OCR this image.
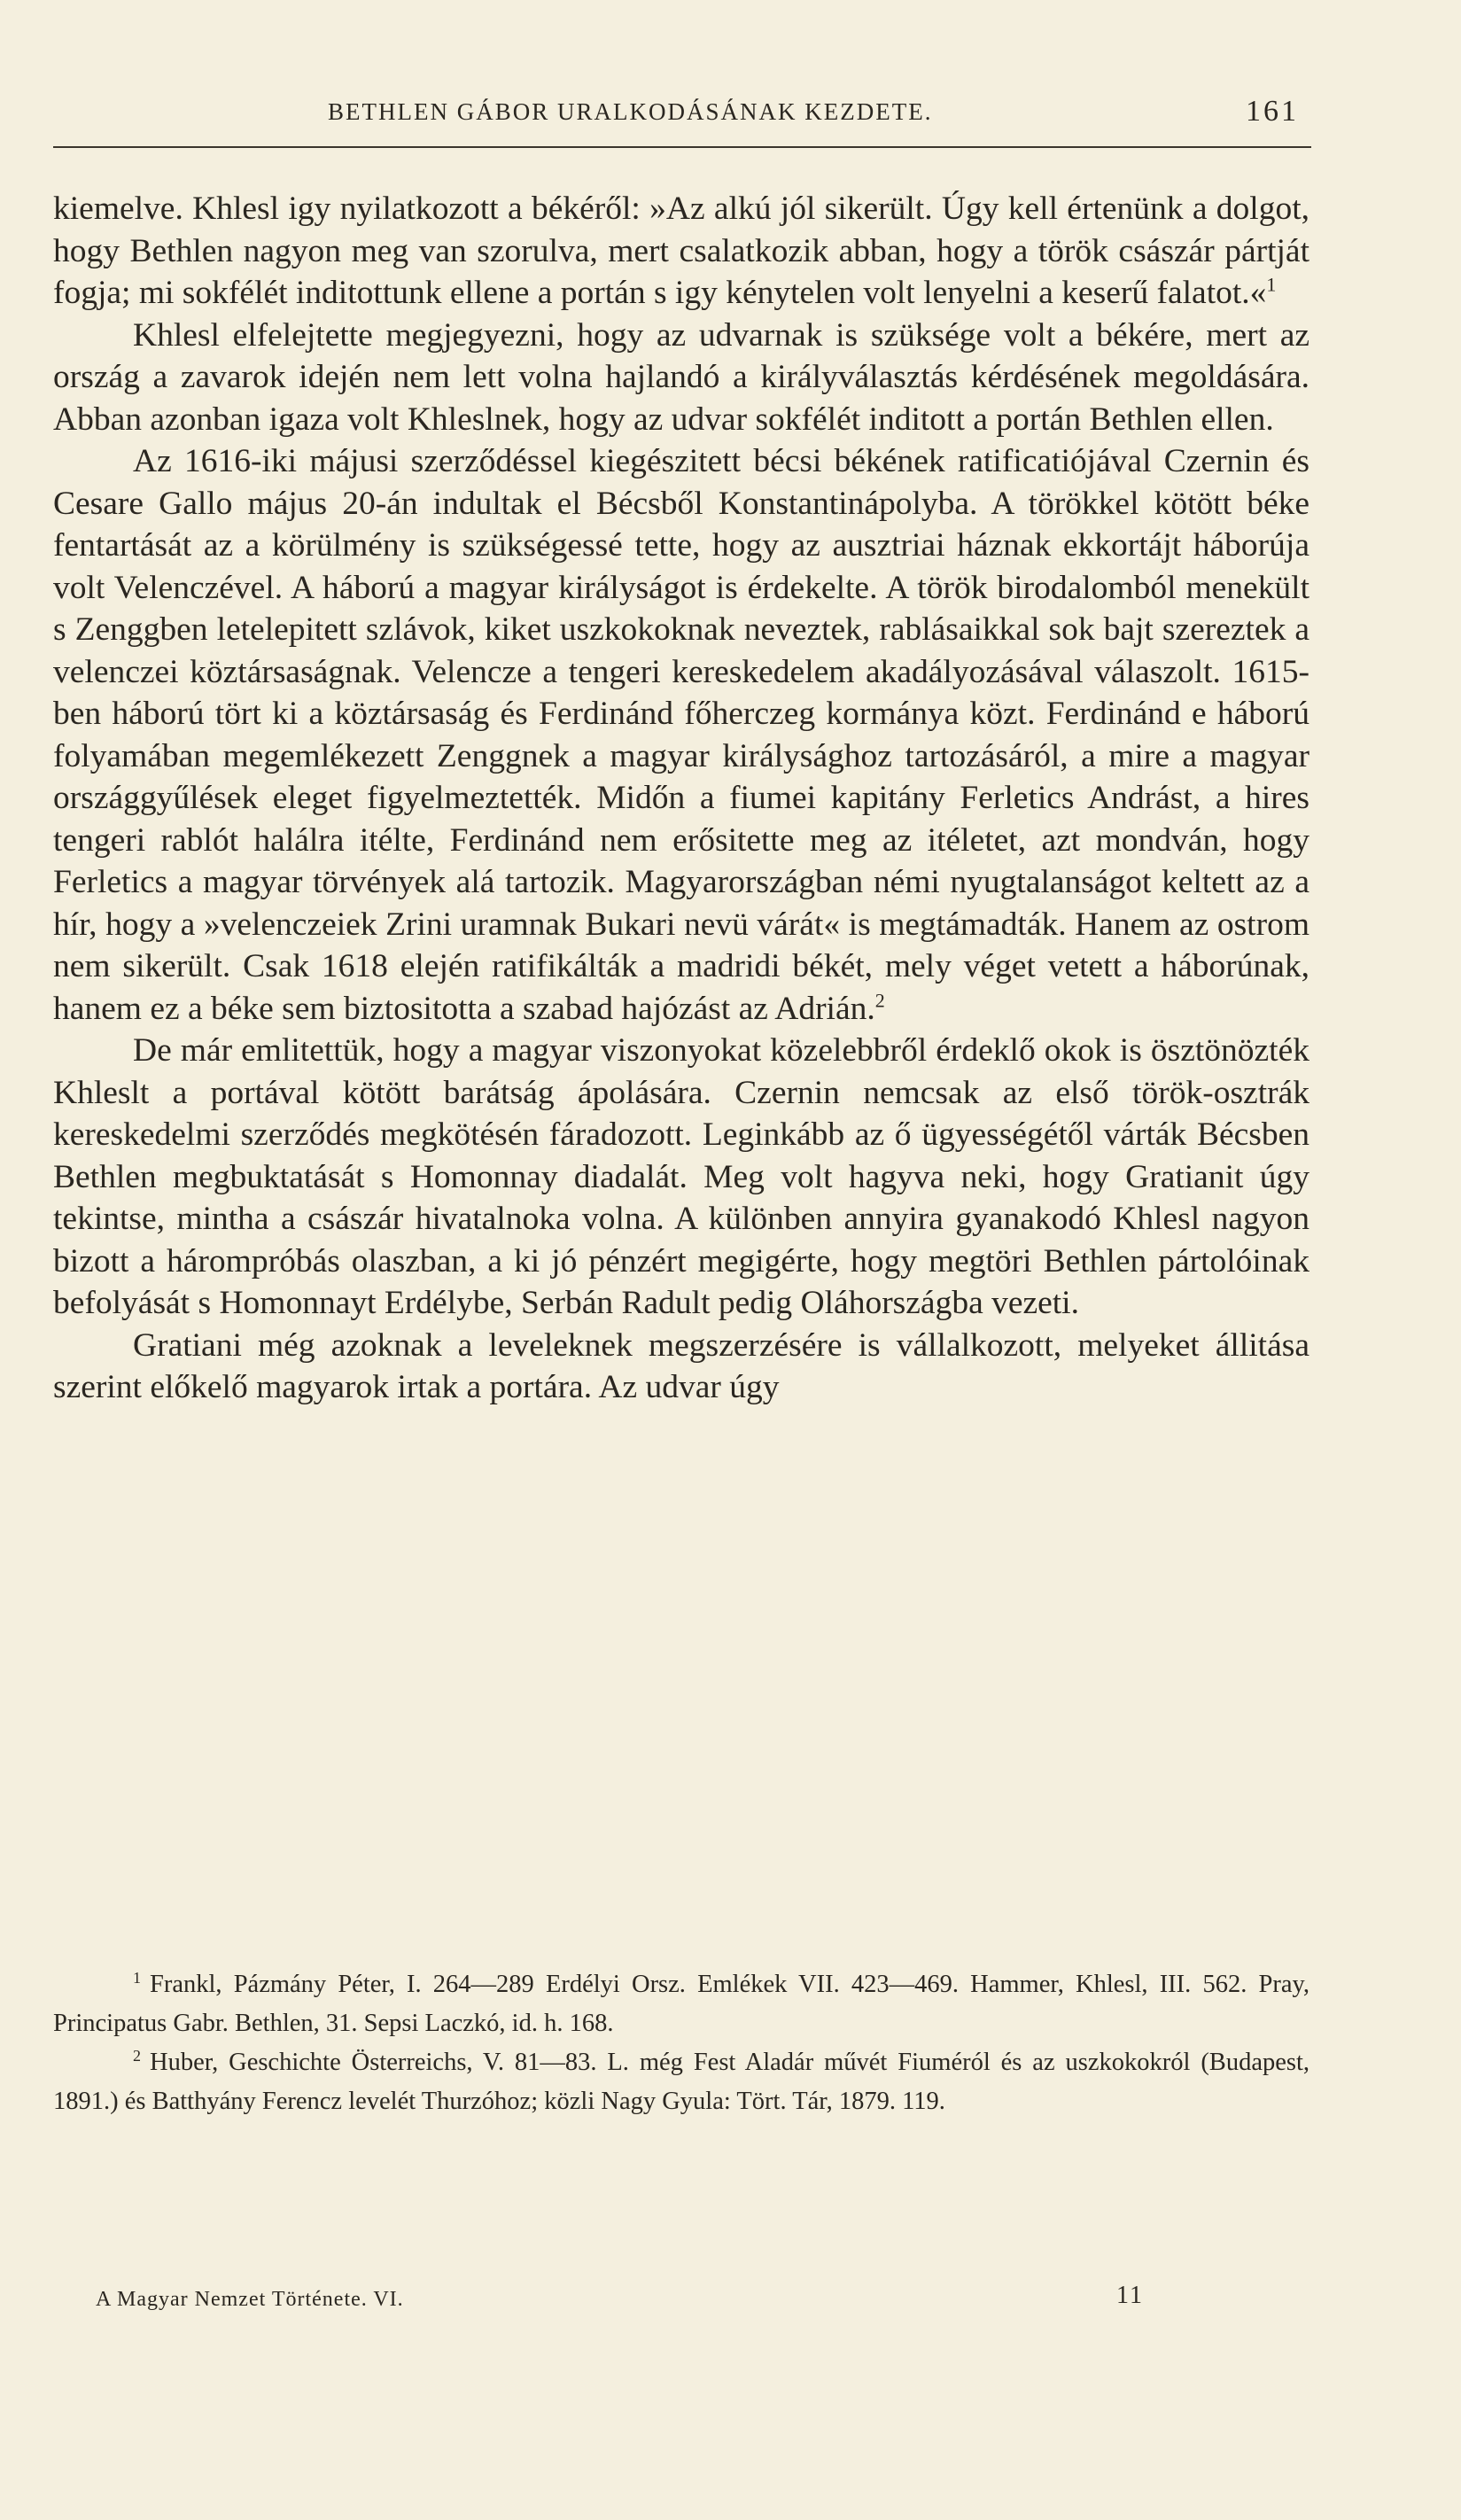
BETHLEN GÁBOR URALKODÁSÁNAK KEZDETE.	161

kiemelve. Khlesl igy nyilatkozott a békéről: »Az alkú jól sikerült. Úgy kell értenünk a dolgot, hogy Bethlen nagyon meg van szorulva, mert csalatkozik abban, hogy a török császár pártját fogja; mi sokfélét inditottunk ellene a portán s igy kénytelen volt lenyelni a keserű falatot.«$^1$

Khlesl elfelejtette megjegyezni, hogy az udvarnak is szüksége volt a békére, mert az ország a zavarok idején nem lett volna hajlandó a királyválasztás kérdésének megoldására. Abban azonban igaza volt Khleslnek, hogy az udvar sokfélét inditott a portán Bethlen ellen.

Az 1616-iki májusi szerződéssel kiegészitett bécsi békének ratificatiójával Czernin és Cesare Gallo május 20-án indultak el Bécsből Konstantinápolyba. A törökkel kötött béke fentartását az a körülmény is szükségessé tette, hogy az ausztriai háznak ekkortájt háborúja volt Velenczével. A háború a magyar királyságot is érdekelte. A török birodalomból menekült s Zenggben letelepitett szlávok, kiket uszkokoknak neveztek, rablásaikkal sok bajt szereztek a velenczei köztársaságnak. Velencze a tengeri kereskedelem akadályozásával válaszolt. 1615-ben háború tört ki a köztársaság és Ferdinánd főherczeg kormánya közt. Ferdinánd e háború folyamában megemlékezett Zenggnek a magyar királysághoz tartozásáról, a mire a magyar országgyűlések eleget figyelmeztették. Midőn a fiumei kapitány Ferletics Andrást, a hires tengeri rablót halálra itélte, Ferdinánd nem erősitette meg az itéletet, azt mondván, hogy Ferletics a magyar törvények alá tartozik. Magyarországban némi nyugtalanságot keltett az a hír, hogy a »velenczeiek Zrini uramnak Bukari nevü várát« is megtámadták. Hanem az ostrom nem sikerült. Csak 1618 elején ratifikálták a madridi békét, mely véget vetett a háborúnak, hanem ez a béke sem biztositotta a szabad hajózást az Adrián.$^2$

De már emlitettük, hogy a magyar viszonyokat közelebbről érdeklő okok is ösztönözték Khleslt a portával kötött barátság ápolására. Czernin nemcsak az első török-osztrák kereskedelmi szerződés megkötésén fáradozott. Leginkább az ő ügyességétől várták Bécsben Bethlen megbuktatását s Homonnay diadalát. Meg volt hagyva neki, hogy Gratianit úgy tekintse, mintha a császár hivatalnoka volna. A különben annyira gyanakodó Khlesl nagyon bizott a hárompróbás olaszban, a ki jó pénzért megigérte, hogy megtöri Bethlen pártolóinak befolyását s Homonnayt Erdélybe, Serbán Radult pedig Oláhországba vezeti.

Gratiani még azoknak a leveleknek megszerzésére is vállalkozott, melyeket állitása szerint előkelő magyarok irtak a portára. Az udvar úgy

$^1$ Frankl, Pázmány Péter, I. 264—289 Erdélyi Orsz. Emlékek VII. 423—469. Hammer, Khlesl, III. 562. Pray, Principatus Gabr. Bethlen, 31. Sepsi Laczkó, id. h. 168.

$^2$ Huber, Geschichte Österreichs, V. 81—83. L. még Fest Aladár művét Fiuméról és az uszkokokról (Budapest, 1891.) és Batthyány Ferencz levelét Thurzóhoz; közli Nagy Gyula: Tört. Tár, 1879. 119.

A Magyar Nemzet Története. VI.	11
